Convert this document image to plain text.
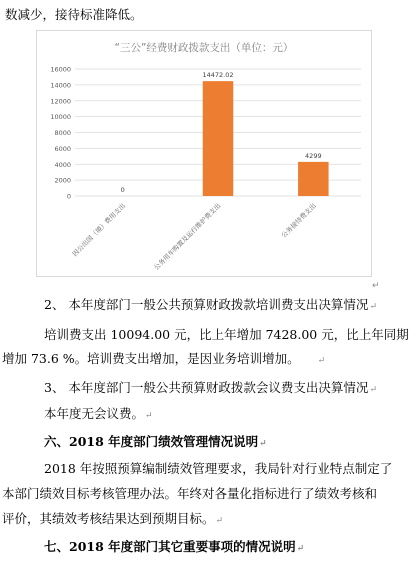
数减少，接待标准降低。
“三公”经费财政拨款支出（单位：元）
0
2000
4000
6000
8000
10000
12000
14000
16000
0
因公出国（境）费用支出
14472.02
公务用车购置及运行维护费支出
4299
公务接待费支出
↵
2、 本年度部门一般公共预算财政拨款培训费支出决算情况↵
培训费支出 10094.00 元，比上年增加 7428.00 元，比上年同期
增加 73.6 %。培训费支出增加，是因业务培训增加。 ↵
3、 本年度部门一般公共预算财政拨款会议费支出决算情况↵
本年度无会议费。↵
六、2018 年度部门绩效管理情况说明↵
2018 年按照预算编制绩效管理要求，我局针对行业特点制定了
本部门绩效目标考核管理办法。年终对各量化指标进行了绩效考核和
评价，其绩效考核结果达到预期目标。↵
七、2018 年度部门其它重要事项的情况说明↵
